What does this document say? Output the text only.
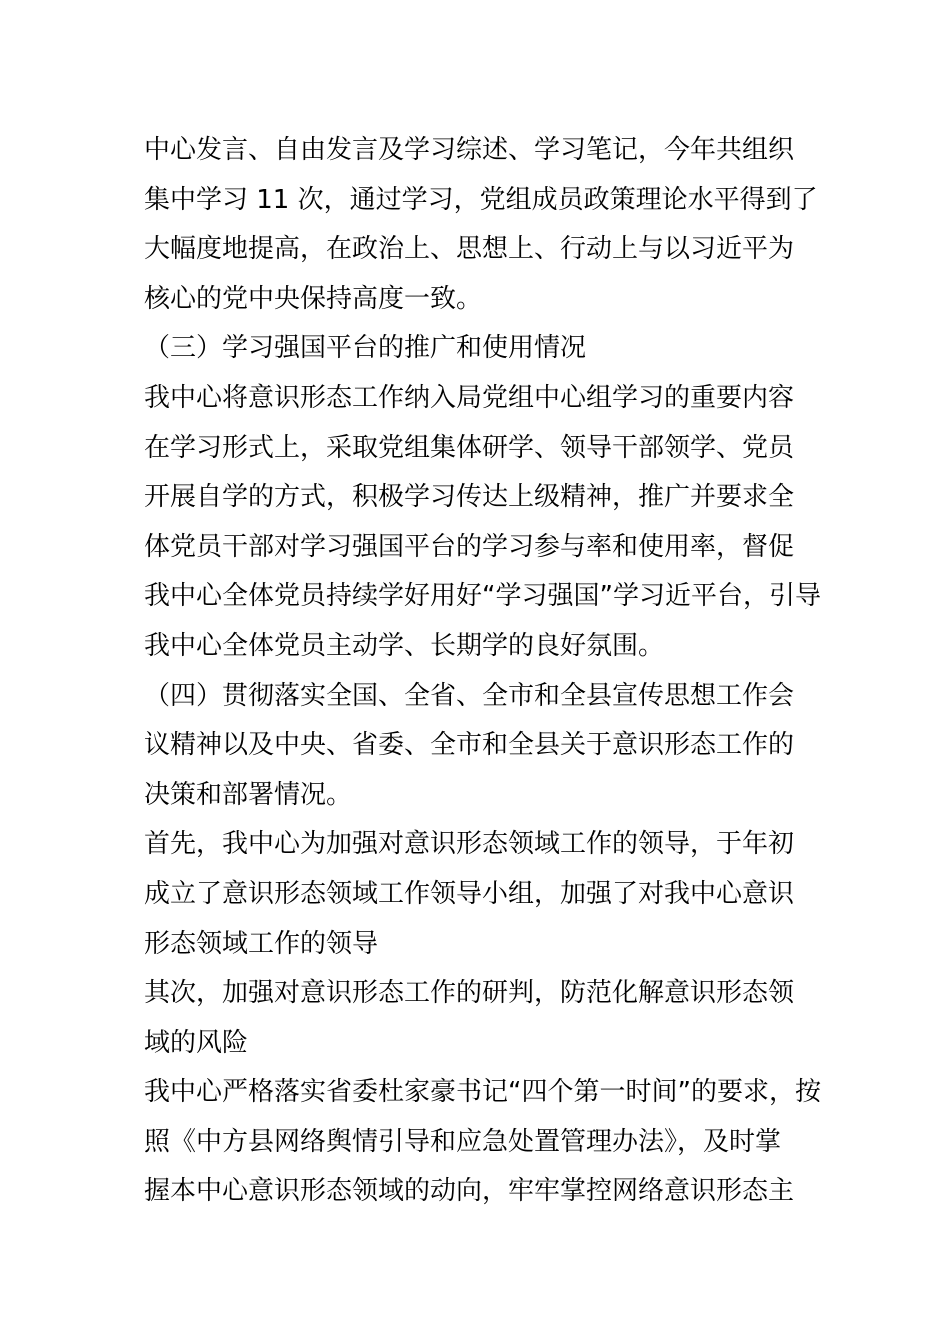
中心发言、自由发言及学习综述、学习笔记，今年共组织
集中学习 11 次，通过学习，党组成员政策理论水平得到了
大幅度地提高，在政治上、思想上、行动上与以习近平为
核心的党中央保持高度一致。
（三）学习强国平台的推广和使用情况
我中心将意识形态工作纳入局党组中心组学习的重要内容
在学习形式上，采取党组集体研学、领导干部领学、党员
开展自学的方式，积极学习传达上级精神，推广并要求全
体党员干部对学习强国平台的学习参与率和使用率，督促
我中心全体党员持续学好用好“学习强国”学习近平台，引导
我中心全体党员主动学、长期学的良好氛围。
（四）贯彻落实全国、全省、全市和全县宣传思想工作会
议精神以及中央、省委、全市和全县关于意识形态工作的
决策和部署情况。
首先，我中心为加强对意识形态领域工作的领导，于年初
成立了意识形态领域工作领导小组，加强了对我中心意识
形态领域工作的领导
其次，加强对意识形态工作的研判，防范化解意识形态领
域的风险
我中心严格落实省委杜家豪书记“四个第一时间”的要求，按
照《中方县网络舆情引导和应急处置管理办法》，及时掌
握本中心意识形态领域的动向，牢牢掌控网络意识形态主
